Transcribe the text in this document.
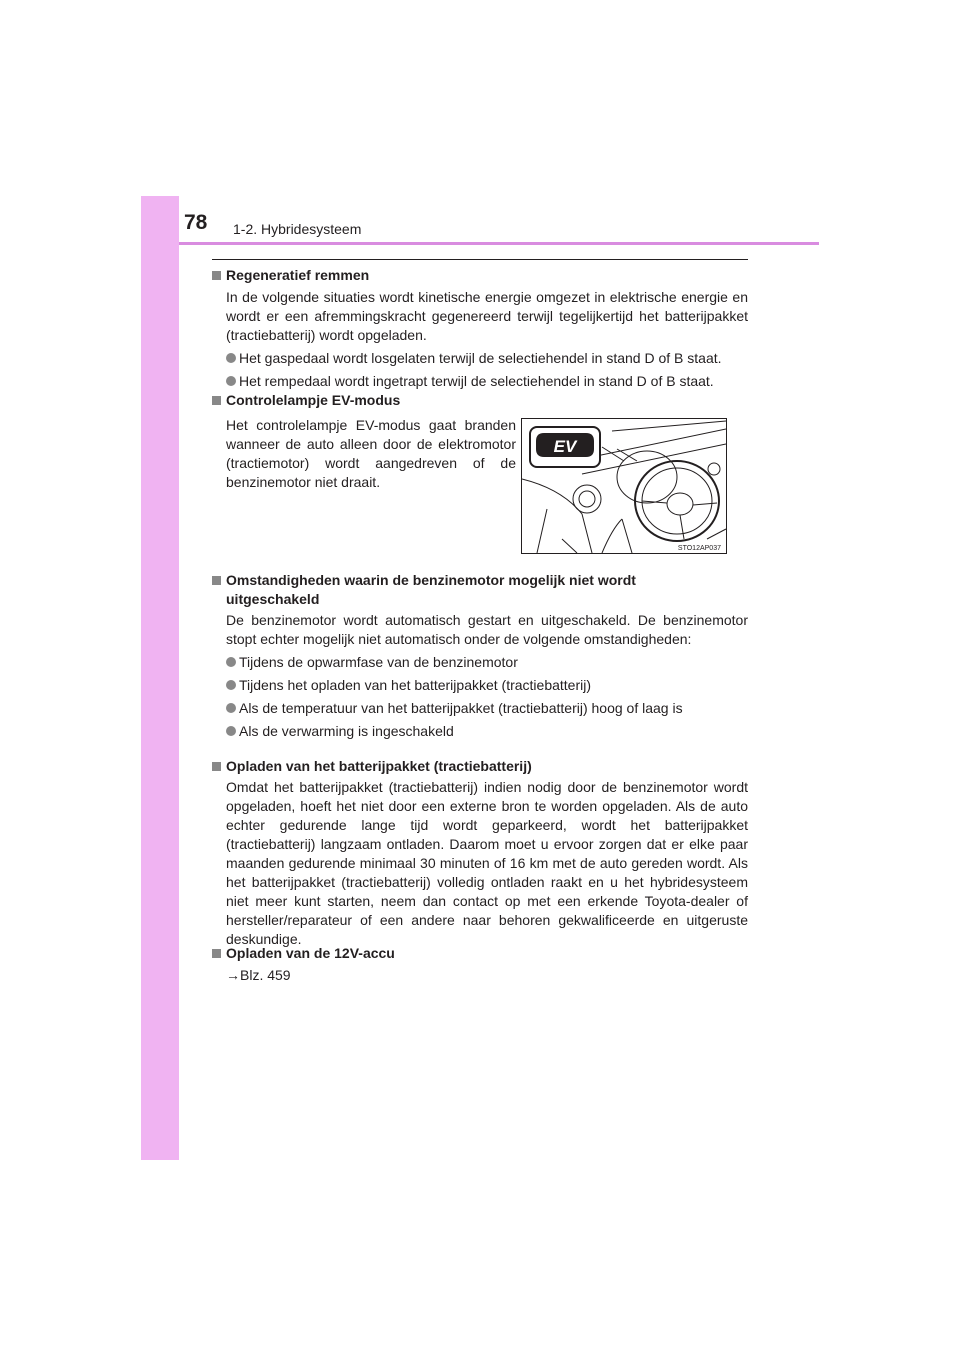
78 1-2. Hybridesysteem
Regeneratief remmen
In de volgende situaties wordt kinetische energie omgezet in elektrische energie en wordt er een afremmingskracht gegenereerd terwijl tegelijkertijd het batterijpakket (tractiebatterij) wordt opgeladen.
Het gaspedaal wordt losgelaten terwijl de selectiehendel in stand D of B staat.
Het rempedaal wordt ingetrapt terwijl de selectiehendel in stand D of B staat.
Controlelampje EV-modus
Het controlelampje EV-modus gaat branden wanneer de auto alleen door de elektromotor (tractiemotor) wordt aangedreven of de benzinemotor niet draait.
EV
STO12AP037
Omstandigheden waarin de benzinemotor mogelijk niet wordt
uitgeschakeld
De benzinemotor wordt automatisch gestart en uitgeschakeld. De benzinemotor stopt echter mogelijk niet automatisch onder de volgende omstandigheden:
Tijdens de opwarmfase van de benzinemotor
Tijdens het opladen van het batterijpakket (tractiebatterij)
Als de temperatuur van het batterijpakket (tractiebatterij) hoog of laag is
Als de verwarming is ingeschakeld
Opladen van het batterijpakket (tractiebatterij)
Omdat het batterijpakket (tractiebatterij) indien nodig door de benzinemotor wordt opgeladen, hoeft het niet door een externe bron te worden opgeladen. Als de auto echter gedurende lange tijd wordt geparkeerd, wordt het batterijpakket (tractiebatterij) langzaam ontladen. Daarom moet u ervoor zorgen dat er elke paar maanden gedurende minimaal 30 minuten of 16 km met de auto gereden wordt. Als het batterijpakket (tractiebatterij) volledig ontladen raakt en u het hybridesysteem niet meer kunt starten, neem dan contact op met een erkende Toyota-dealer of hersteller/reparateur of een andere naar behoren gekwalificeerde en uitgeruste deskundige.
Opladen van de 12V-accu
→Blz. 459
